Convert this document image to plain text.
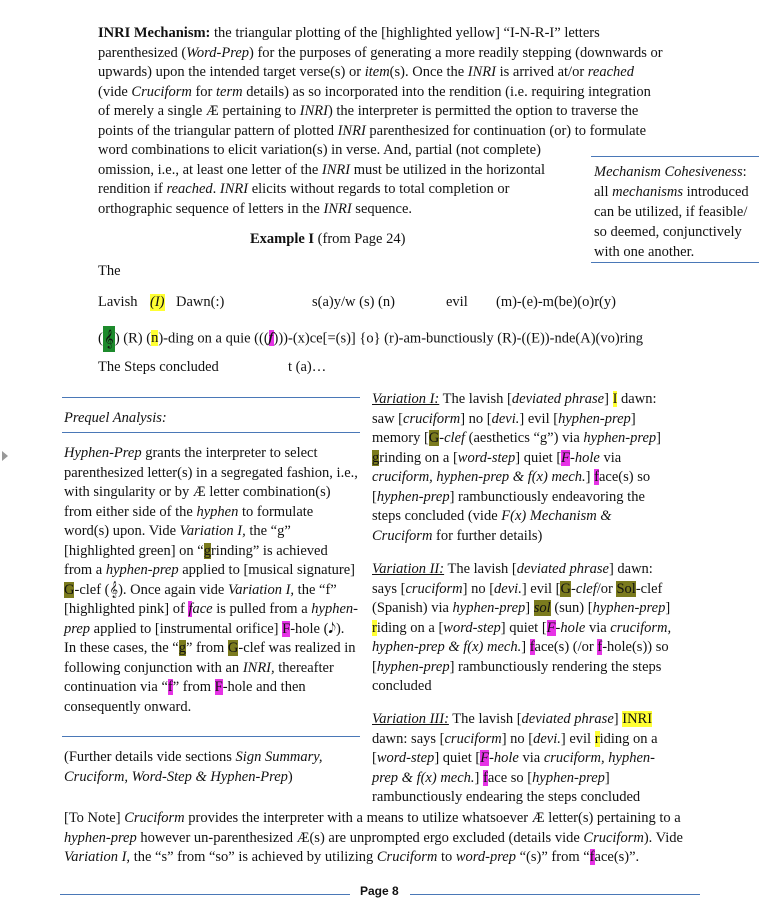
INRI Mechanism: the triangular plotting of the [highlighted yellow] “I-N-R-I” letters parenthesized (Word-Prep) for the purposes of generating a more readily stepping (downwards or upwards) upon the intended target verse(s) or item(s). Once the INRI is arrived at/or reached (vide Cruciform for term details) as so incorporated into the rendition (i.e. requiring integration of merely a single Æ pertaining to INRI) the interpreter is permitted the option to traverse the points of the triangular pattern of plotted INRI parenthesized for continuation (or) to formulate word combinations to elicit variation(s) in verse. And, partial (not complete)

omission, i.e., at least one letter of the INRI must be utilized in the horizontal rendition if reached. INRI elicits without regards to total completion or orthographic sequence of letters in the INRI sequence.

Mechanism Cohesiveness: all mechanisms introduced can be utilized, if feasible/ so deemed, conjunctively with one another.
Example I (from Page 24)
The
Lavish (I) Dawn(:)	s(a)y/w (s) (n)	evil (m)-(e)-m(be)(o)r(y)
(𝄞) (R) (n)-ding on a quie (((𝆑)))-(x)ce[=(s)] {o} (r)-am-bunctiously (R)-((E))-nde(A)(vo)ring
The Steps concluded	t (a)…
Prequel Analysis:
Hyphen-Prep grants the interpreter to select parenthesized letter(s) in a segregated fashion, i.e., with singularity or by Æ letter combination(s) from either side of the hyphen to formulate word(s) upon. Vide Variation I, the “g” [highlighted green] on “grinding” is achieved from a hyphen-prep applied to [musical signature] G-clef (𝄞). Once again vide Variation I, the “f” [highlighted pink] of face is pulled from a hyphen-prep applied to [instrumental orifice] F-hole (𝅘𝅥𝅮). In these cases, the “g” from G-clef was realized in following conjunction with an INRI, thereafter continuation via “f” from F-hole and then consequently onward.
(Further details vide sections Sign Summary, Cruciform, Word-Step & Hyphen-Prep)
Variation I: The lavish [deviated phrase] I dawn: saw [cruciform] no [devi.] evil [hyphen-prep] memory [G-clef (aesthetics “g”) via hyphen-prep] grinding on a [word-step] quiet [F-hole via cruciform, hyphen-prep & f(x) mech.] face(s) so [hyphen-prep] rambunctiously endeavoring the steps concluded (vide F(x) Mechanism & Cruciform for further details)
Variation II: The lavish [deviated phrase] dawn: says [cruciform] no [devi.] evil [G-clef/or Sol-clef (Spanish) via hyphen-prep] sol (sun) [hyphen-prep] riding on a [word-step] quiet [F-hole via cruciform, hyphen-prep & f(x) mech.] face(s) (/or f-hole(s)) so [hyphen-prep] rambunctiously rendering the steps concluded
Variation III: The lavish [deviated phrase] INRI dawn: says [cruciform] no [devi.] evil riding on a [word-step] quiet [F-hole via cruciform, hyphen-prep & f(x) mech.] face so [hyphen-prep] rambunctiously endearing the steps concluded
[To Note] Cruciform provides the interpreter with a means to utilize whatsoever Æ letter(s) pertaining to a hyphen-prep however un-parenthesized Æ(s) are unprompted ergo excluded (details vide Cruciform). Vide Variation I, the “s” from “so” is achieved by utilizing Cruciform to word-prep “(s)” from “face(s)”.
Page 8
